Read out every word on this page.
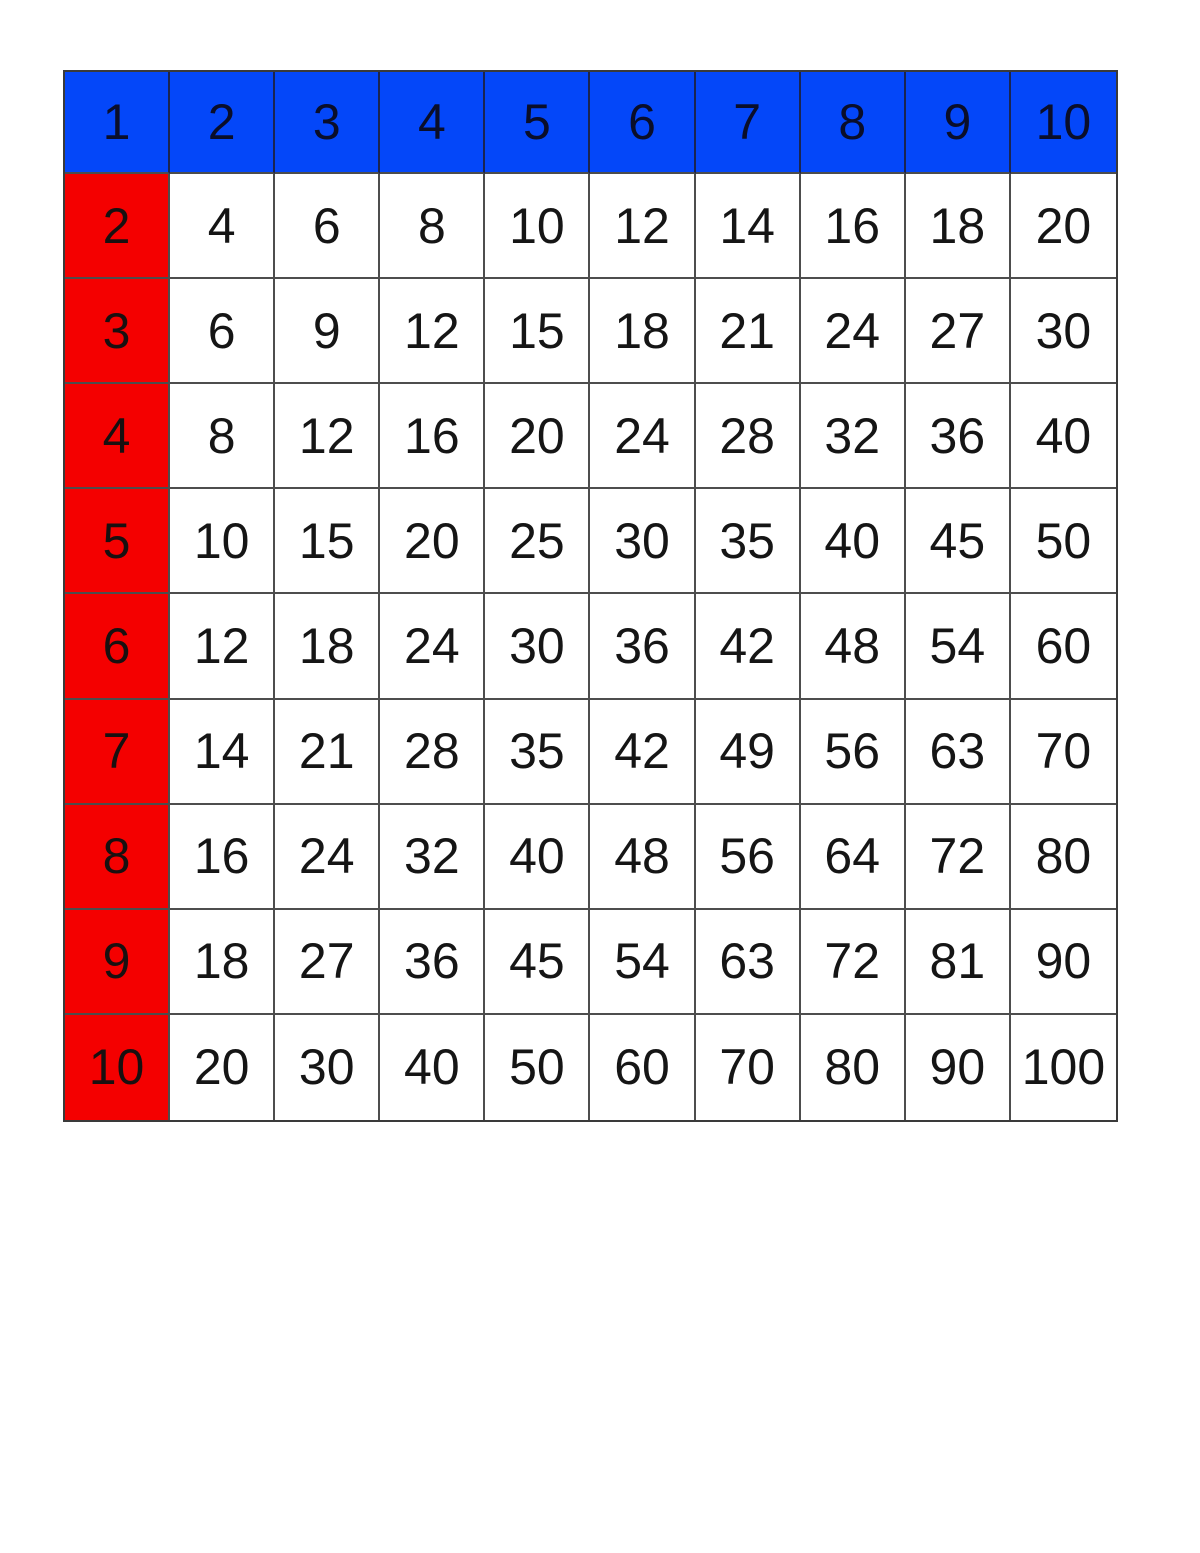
1	2	3	4	5	6	7	8	9	10
2	4	6	8	10 12 14 16 18	20
3	6	9	12 15 18 21 24 27	30
4	8	12 16 20 24 28 32 36	40
5	10 15 20 25 30 35 40 45	50
6	12 18 24 30 36 42 48 54	60
7	14 21 28 35 42 49 56 63	70
8	16 24 32 40 48 56 64 72	80
9	18 27 36 45 54 63 72 81	90
10 20 30 40 50 60 70 80 90 100
